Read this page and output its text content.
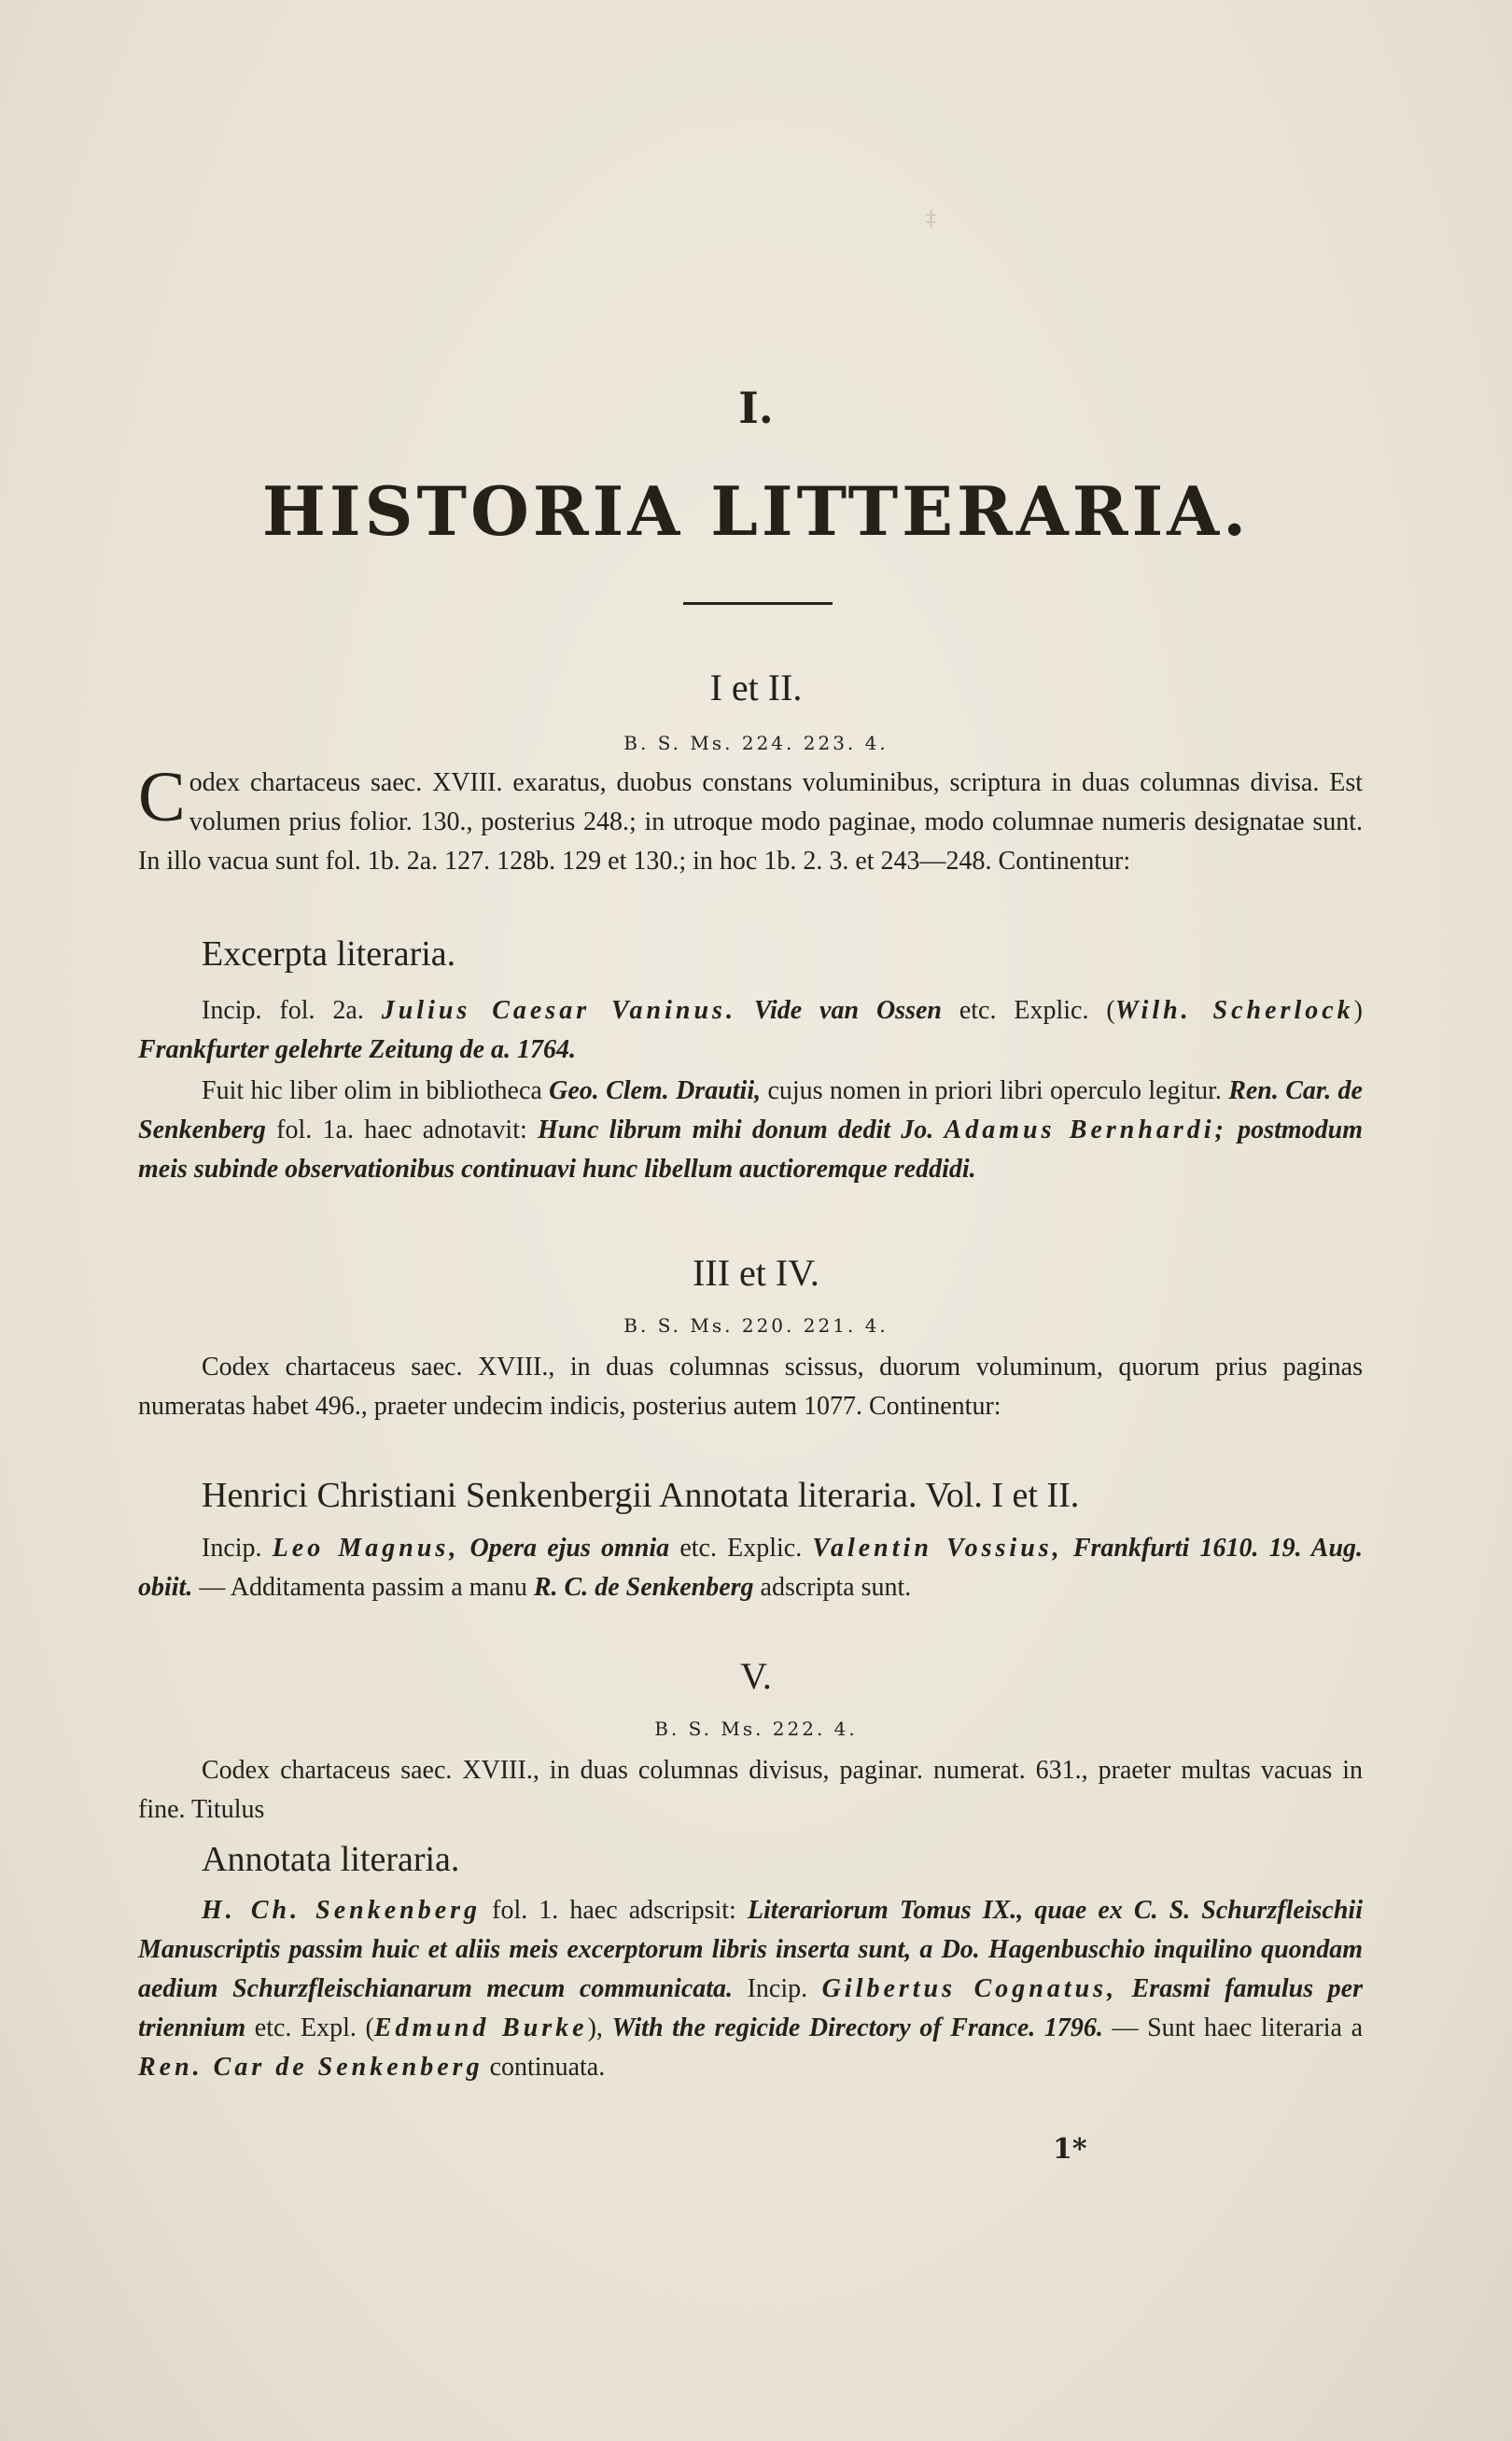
‡
I.
HISTORIA LITTERARIA.
I et II.
B. S. Ms. 224. 223. 4.
Codex chartaceus saec. XVIII. exaratus, duobus constans voluminibus, scriptura in duas columnas divisa. Est volumen prius folior. 130., posterius 248.; in utroque modo paginae, modo columnae numeris designatae sunt. In illo vacua sunt fol. 1b. 2a. 127. 128b. 129 et 130.; in hoc 1b. 2. 3. et 243—248. Continentur:
Excerpta literaria.
Incip. fol. 2a. Julius Caesar Vaninus. Vide van Ossen etc. Explic. (Wilh. Scherlock) Frankfurter gelehrte Zeitung de a. 1764.
Fuit hic liber olim in bibliotheca Geo. Clem. Drautii, cujus nomen in priori libri operculo legitur. Ren. Car. de Senkenberg fol. 1a. haec adnotavit: Hunc librum mihi donum dedit Jo. Adamus Bernhardi; postmodum meis subinde observationibus continuavi hunc libellum auctioremque reddidi.
III et IV.
B. S. Ms. 220. 221. 4.
Codex chartaceus saec. XVIII., in duas columnas scissus, duorum voluminum, quorum prius paginas numeratas habet 496., praeter undecim indicis, posterius autem 1077. Continentur:
Henrici Christiani Senkenbergii Annotata literaria. Vol. I et II.
Incip. Leo Magnus, Opera ejus omnia etc. Explic. Valentin Vossius, Frankfurti 1610. 19. Aug. obiit. — Additamenta passim a manu R. C. de Senkenberg adscripta sunt.
V.
B. S. Ms. 222. 4.
Codex chartaceus saec. XVIII., in duas columnas divisus, paginar. numerat. 631., praeter multas vacuas in fine. Titulus
Annotata literaria.
H. Ch. Senkenberg fol. 1. haec adscripsit: Literariorum Tomus IX., quae ex C. S. Schurzfleischii Manuscriptis passim huic et aliis meis excerptorum libris inserta sunt, a Do. Hagenbuschio inquilino quondam aedium Schurzfleischianarum mecum communicata. Incip. Gilbertus Cognatus, Erasmi famulus per triennium etc. Expl. (Edmund Burke), With the regicide Directory of France. 1796. — Sunt haec literaria a Ren. Car de Senkenberg continuata.
1*
